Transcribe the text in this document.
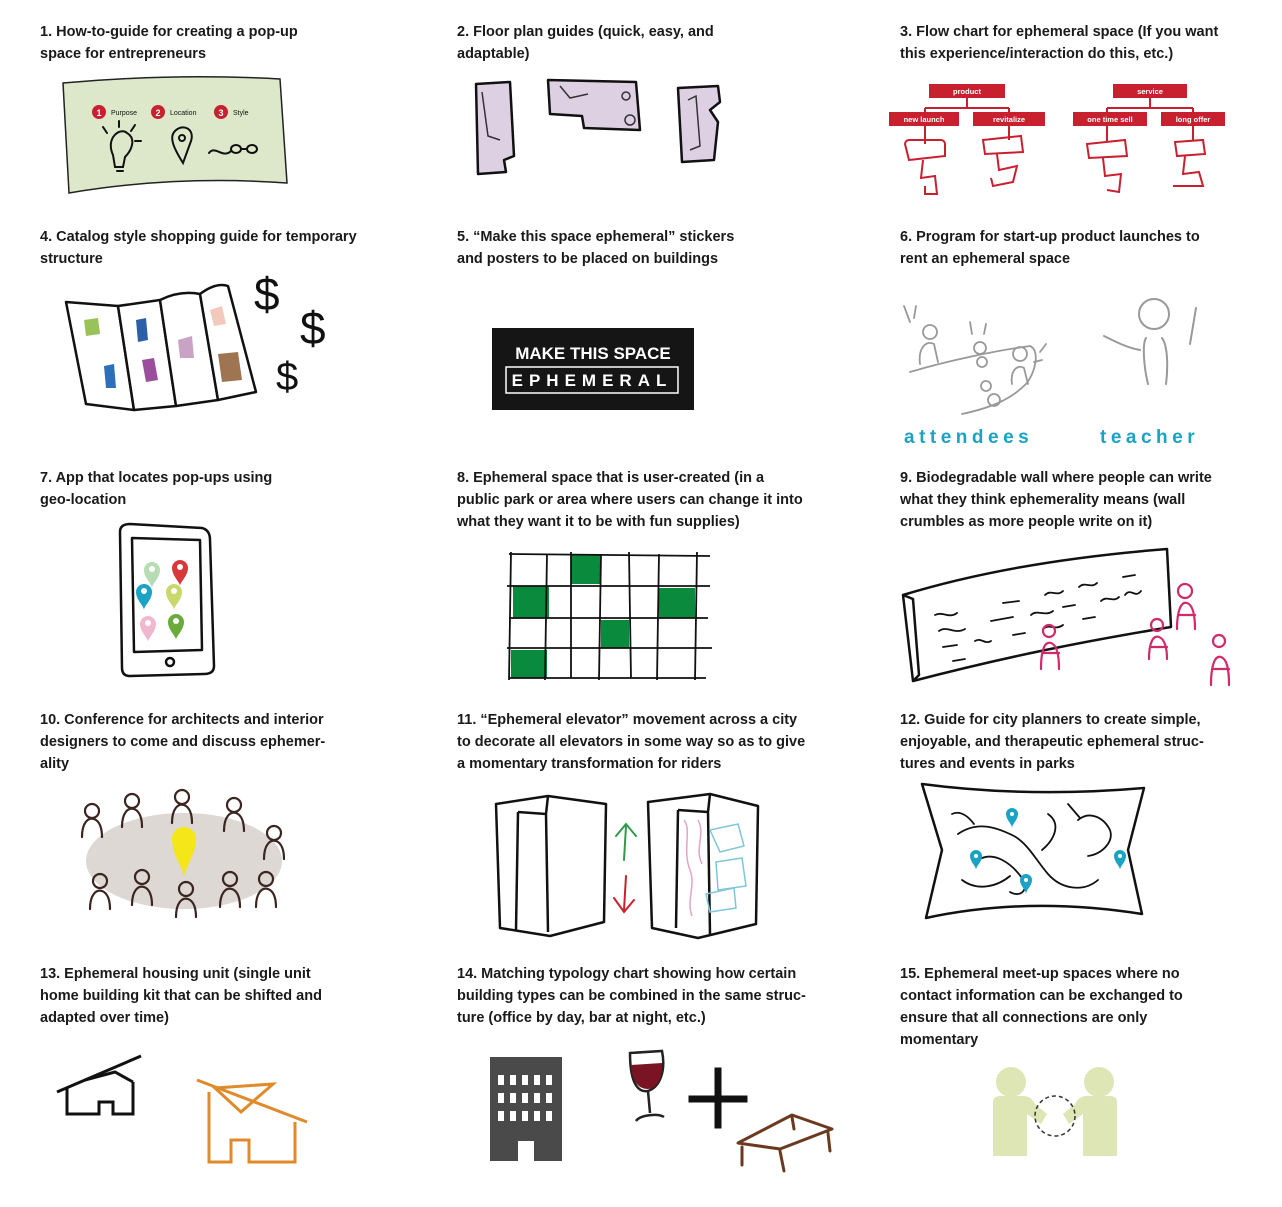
1. How-to-guide for creating a pop-up
space for entrepreneurs

1 Purpose 2 Location 3 Style

2. Floor plan guides (quick, easy, and
adaptable)

3. Flow chart for ephemeral space (If you want
this experience/interaction do this, etc.)

product	service
new launch	revitalize	one time sell	long offer

4. Catalog style shopping guide for temporary
structure

$
$
$

5. “Make this space ephemeral” stickers
and posters to be placed on buildings

MAKE THIS SPACE
EPHEMERAL

6. Program for start-up product launches to
rent an ephemeral space

attendees	teacher

7. App that locates pop-ups using
geo-location

8. Ephemeral space that is user-created (in a
public park or area where users can change it into
what they want it to be with fun supplies)

9. Biodegradable wall where people can write
what they think ephemerality means (wall
crumbles as more people write on it)

10. Conference for architects and interior
designers to come and discuss ephemer-
ality

11. “Ephemeral elevator” movement across a city
to decorate all elevators in some way so as to give
a momentary transformation for riders

12. Guide for city planners to create simple,
enjoyable, and therapeutic ephemeral struc-
tures and events in parks

13. Ephemeral housing unit (single unit
home building kit that can be shifted and
adapted over time)

14. Matching typology chart showing how certain
building types can be combined in the same struc-
ture (office by day, bar at night, etc.)

15. Ephemeral meet-up spaces where no
contact information can be exchanged to
ensure that all connections are only
momentary
